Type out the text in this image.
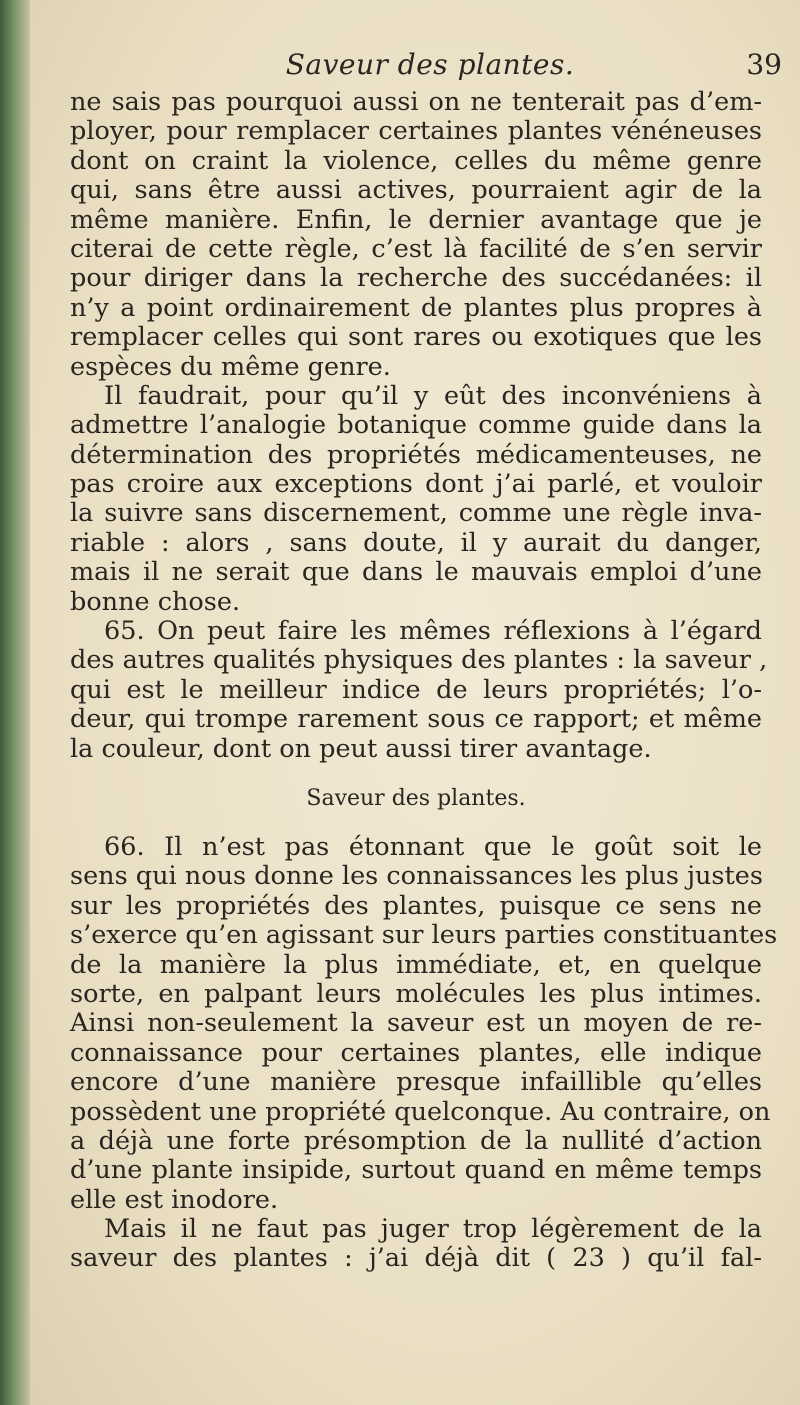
Saveur des plantes.	39
ne sais pas pourquoi aussi on ne tenterait pas d’em-
ployer, pour remplacer certaines plantes vénéneuses
dont on craint la violence, celles du même genre
qui, sans être aussi actives, pourraient agir de la
même manière. Enfin, le dernier avantage que je
citerai de cette règle, c’est là facilité de s’en servir
pour diriger dans la recherche des succédanées: il
n’y a point ordinairement de plantes plus propres à
remplacer celles qui sont rares ou exotiques que les
espèces du même genre.
Il faudrait, pour qu’il y eût des inconvéniens à
admettre l’analogie botanique comme guide dans la
détermination des propriétés médicamenteuses, ne
pas croire aux exceptions dont j’ai parlé, et vouloir
la suivre sans discernement, comme une règle inva-
riable : alors , sans doute, il y aurait du danger,
mais il ne serait que dans le mauvais emploi d’une
bonne chose.
65. On peut faire les mêmes réflexions à l’égard
des autres qualités physiques des plantes : la saveur ,
qui est le meilleur indice de leurs propriétés; l’o-
deur, qui trompe rarement sous ce rapport; et même
la couleur, dont on peut aussi tirer avantage.
Saveur des plantes.
66. Il n’est pas étonnant que le goût soit le
sens qui nous donne les connaissances les plus justes
sur les propriétés des plantes, puisque ce sens ne
s’exerce qu’en agissant sur leurs parties constituantes
de la manière la plus immédiate, et, en quelque
sorte, en palpant leurs molécules les plus intimes.
Ainsi non-seulement la saveur est un moyen de re-
connaissance pour certaines plantes, elle indique
encore d’une manière presque infaillible qu’elles
possèdent une propriété quelconque. Au contraire, on
a déjà une forte présomption de la nullité d’action
d’une plante insipide, surtout quand en même temps
elle est inodore.
Mais il ne faut pas juger trop légèrement de la
saveur des plantes : j’ai déjà dit ( 23 ) qu’il fal-
